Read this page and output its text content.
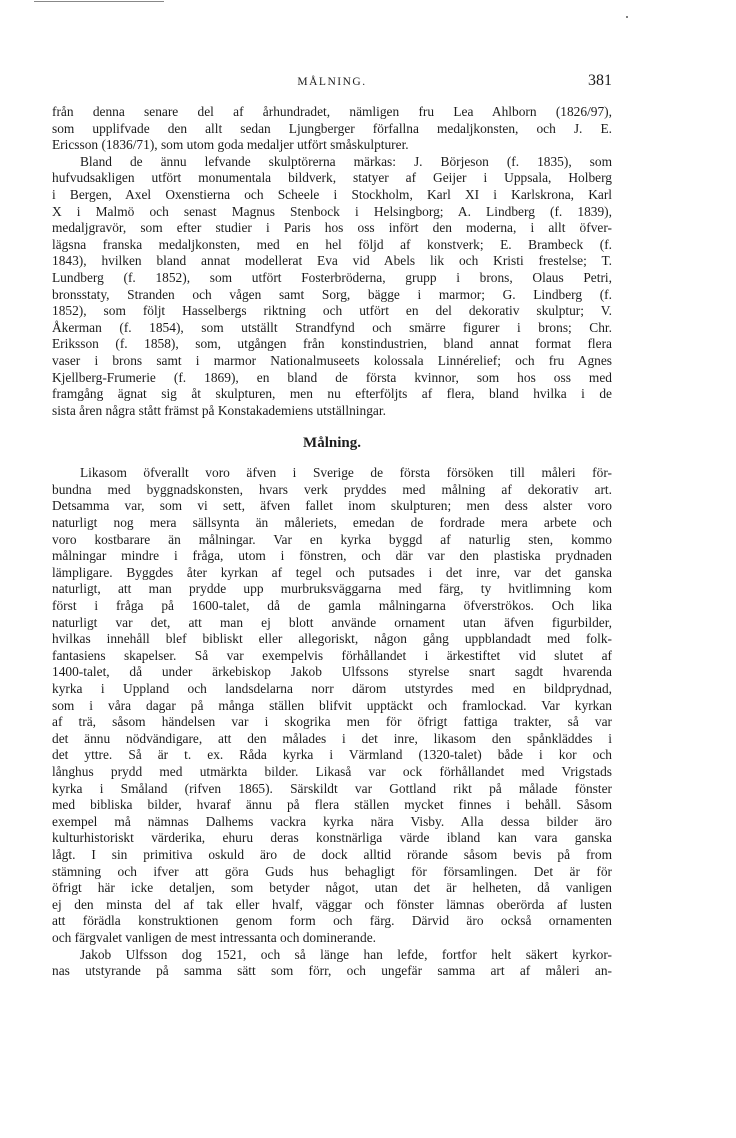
MÅLNING.	381
från denna senare del af århundradet, nämligen fru Lea Ahlborn (1826/97),
som upplifvade den allt sedan Ljungberger förfallna medaljkonsten, och J. E.
Ericsson (1836/71), som utom goda medaljer utfört småskulpturer.
Bland de ännu lefvande skulptörerna märkas: J. Börjeson (f. 1835), som
hufvudsakligen utfört monumentala bildverk, statyer af Geijer i Uppsala, Holberg
i Bergen, Axel Oxenstierna och Scheele i Stockholm, Karl XI i Karlskrona, Karl
X i Malmö och senast Magnus Stenbock i Helsingborg; A. Lindberg (f. 1839),
medaljgravör, som efter studier i Paris hos oss infört den moderna, i allt öfver-
lägsna franska medaljkonsten, med en hel följd af konstverk; E. Brambeck (f.
1843), hvilken bland annat modellerat Eva vid Abels lik och Kristi frestelse; T.
Lundberg (f. 1852), som utfört Fosterbröderna, grupp i brons, Olaus Petri,
bronsstaty, Stranden och vågen samt Sorg, bägge i marmor; G. Lindberg (f.
1852), som följt Hasselbergs riktning och utfört en del dekorativ skulptur; V.
Åkerman (f. 1854), som utställt Strandfynd och smärre figurer i brons; Chr.
Eriksson (f. 1858), som, utgången från konstindustrien, bland annat format flera
vaser i brons samt i marmor Nationalmuseets kolossala Linnérelief; och fru Agnes
Kjellberg-Frumerie (f. 1869), en bland de första kvinnor, som hos oss med
framgång ägnat sig åt skulpturen, men nu efterföljts af flera, bland hvilka i de
sista åren några stått främst på Konstakademiens utställningar.
Målning.
Likasom öfverallt voro äfven i Sverige de första försöken till måleri för-
bundna med byggnadskonsten, hvars verk pryddes med målning af dekorativ art.
Detsamma var, som vi sett, äfven fallet inom skulpturen; men dess alster voro
naturligt nog mera sällsynta än måleriets, emedan de fordrade mera arbete och
voro kostbarare än målningar. Var en kyrka byggd af naturlig sten, kommo
målningar mindre i fråga, utom i fönstren, och där var den plastiska prydnaden
lämpligare. Byggdes åter kyrkan af tegel och putsades i det inre, var det ganska
naturligt, att man prydde upp murbruksväggarna med färg, ty hvitlimning kom
först i fråga på 1600-talet, då de gamla målningarna öfverströkos. Och lika
naturligt var det, att man ej blott använde ornament utan äfven figurbilder,
hvilkas innehåll blef bibliskt eller allegoriskt, någon gång uppblandadt med folk-
fantasiens skapelser. Så var exempelvis förhållandet i ärkestiftet vid slutet af
1400-talet, då under ärkebiskop Jakob Ulfssons styrelse snart sagdt hvarenda
kyrka i Uppland och landsdelarna norr därom utstyrdes med en bildprydnad,
som i våra dagar på många ställen blifvit upptäckt och framlockad. Var kyrkan
af trä, såsom händelsen var i skogrika men för öfrigt fattiga trakter, så var
det ännu nödvändigare, att den målades i det inre, likasom den spånkläddes i
det yttre. Så är t. ex. Råda kyrka i Värmland (1320-talet) både i kor och
långhus prydd med utmärkta bilder. Likaså var ock förhållandet med Vrigstads
kyrka i Småland (rifven 1865). Särskildt var Gottland rikt på målade fönster
med bibliska bilder, hvaraf ännu på flera ställen mycket finnes i behåll. Såsom
exempel må nämnas Dalhems vackra kyrka nära Visby. Alla dessa bilder äro
kulturhistoriskt värderika, ehuru deras konstnärliga värde ibland kan vara ganska
lågt. I sin primitiva oskuld äro de dock alltid rörande såsom bevis på from
stämning och ifver att göra Guds hus behagligt för församlingen. Det är för
öfrigt här icke detaljen, som betyder något, utan det är helheten, då vanligen
ej den minsta del af tak eller hvalf, väggar och fönster lämnas oberörda af lusten
att förädla konstruktionen genom form och färg. Därvid äro också ornamenten
och färgvalet vanligen de mest intressanta och dominerande.
Jakob Ulfsson dog 1521, och så länge han lefde, fortfor helt säkert kyrkor-
nas utstyrande på samma sätt som förr, och ungefär samma art af måleri an-
